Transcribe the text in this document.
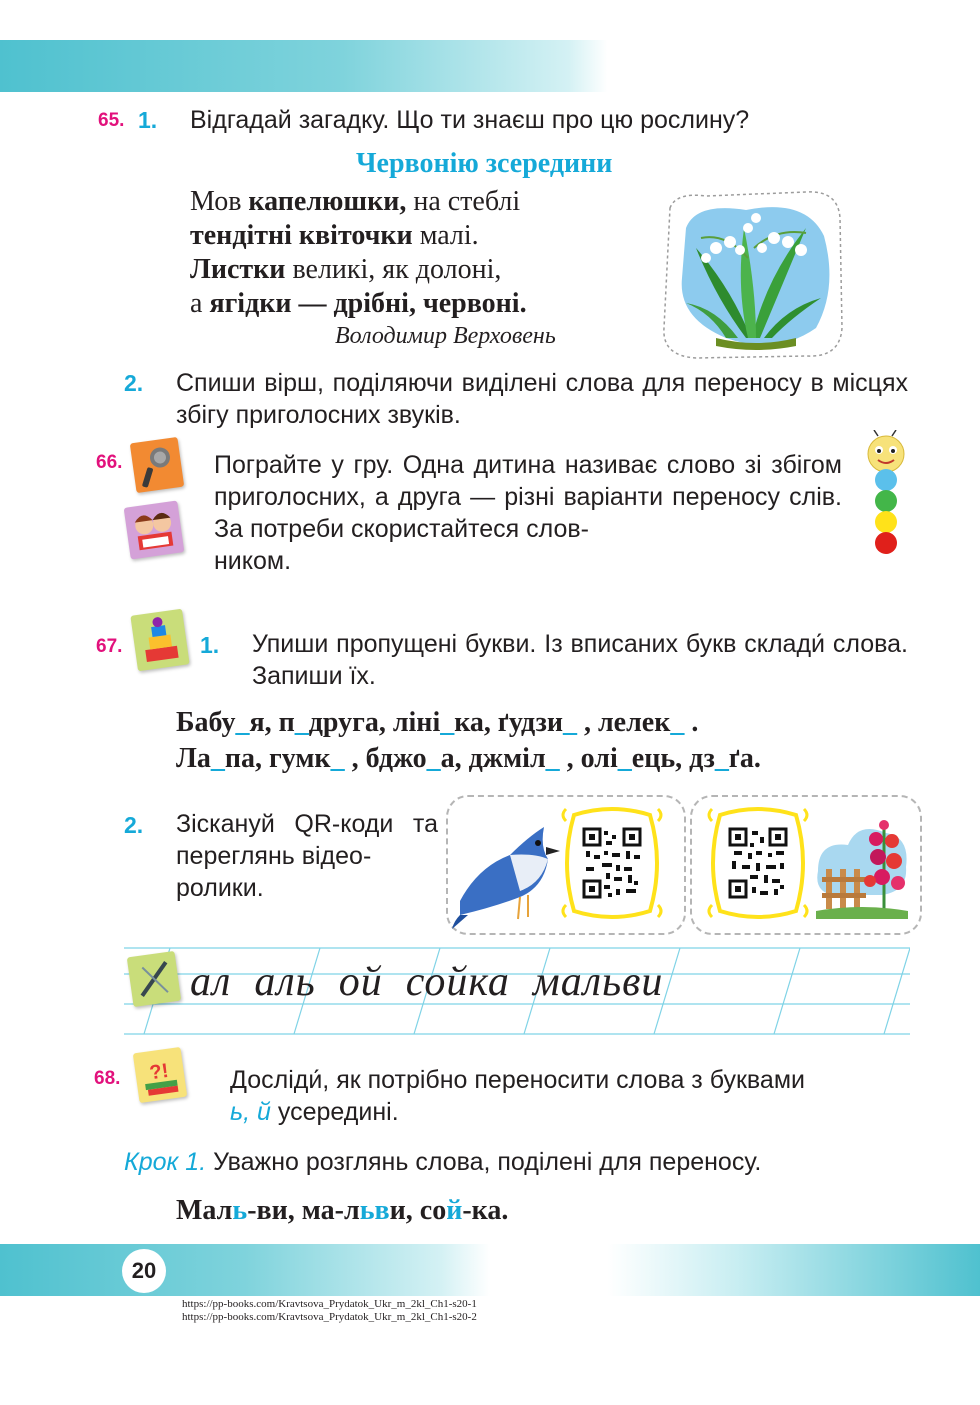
65. 1. Відгадай загадку. Що ти знаєш про цю рослину?
Червонію зсередини
Мов капелюшки, на стеблі
тендітні квіточки малі.
Листки великі, як долоні,
а ягідки — дрібні, червоні.
Володимир Верховень
2. Спиши вірш, поділяючи виділені слова для переносу в місцях збігу приголосних звуків.
66.	Пограйте у гру. Одна дитина називає слово зі збігом приголосних, а друга — різні варіанти переносу слів. За потреби скористайтеся слов-
ником.
67.	1. Упиши пропущені букви. Із вписаних букв склади́ слова. Запиши їх.
Бабу_я, п_друга, ліні_ка, ґудзи_ , лелек_ .
Ла_па, гумк_ , бджо_а, джміл_ , олі_ець, дз_ґа.
2. Зіскануй QR-коди та переглянь відео-
ролики.
ал  аль  ой  сойка  мальви
68. ?! Досліди́, як потрібно переносити слова з буквами
ь, й усередині.
Крок 1. Уважно розглянь слова, поділені для переносу.
Маль-ви, ма-льви, сой-ка.
20
https://pp-books.com/Kravtsova_Prydatok_Ukr_m_2kl_Ch1-s20-1
https://pp-books.com/Kravtsova_Prydatok_Ukr_m_2kl_Ch1-s20-2
